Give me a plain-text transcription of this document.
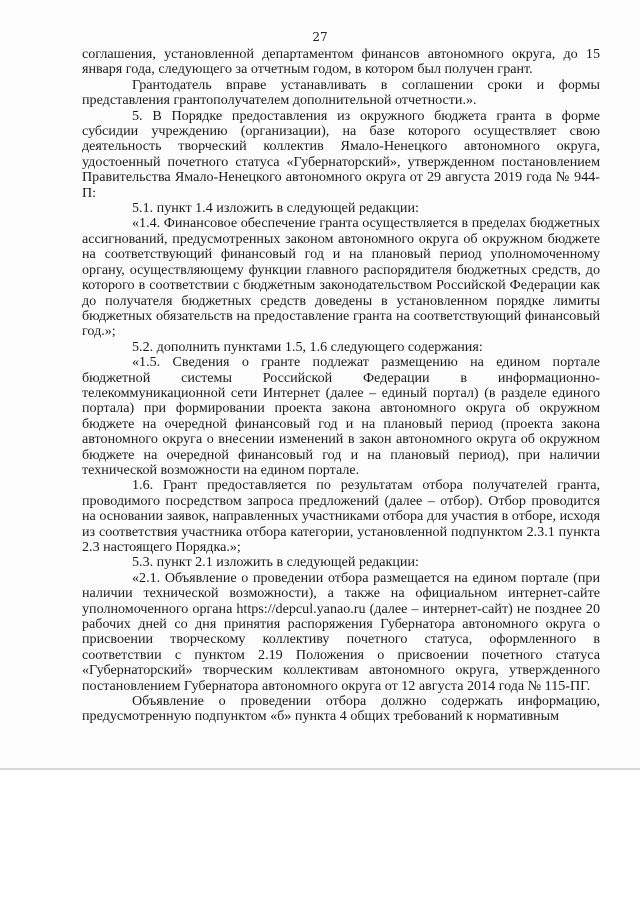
27

соглашения, установленной департаментом финансов автономного округа, до 15 января года, следующего за отчетным годом, в котором был получен грант.

Грантодатель вправе устанавливать в соглашении сроки и формы представления грантополучателем дополнительной отчетности.».

5. В Порядке предоставления из окружного бюджета гранта в форме субсидии учреждению (организации), на базе которого осуществляет свою деятельность творческий коллектив Ямало-Ненецкого автономного округа, удостоенный почетного статуса «Губернаторский», утвержденном постановлением Правительства Ямало-Ненецкого автономного округа от 29 августа 2019 года № 944-П:

5.1. пункт 1.4 изложить в следующей редакции:

«1.4. Финансовое обеспечение гранта осуществляется в пределах бюджетных ассигнований, предусмотренных законом автономного округа об окружном бюджете на соответствующий финансовый год и на плановый период уполномоченному органу, осуществляющему функции главного распорядителя бюджетных средств, до которого в соответствии с бюджетным законодательством Российской Федерации как до получателя бюджетных средств доведены в установленном порядке лимиты бюджетных обязательств на предоставление гранта на соответствующий финансовый год.»;

5.2. дополнить пунктами 1.5, 1.6 следующего содержания:

«1.5. Сведения о гранте подлежат размещению на едином портале бюджетной системы Российской Федерации в информационно-телекоммуникационной сети Интернет (далее – единый портал) (в разделе единого портала) при формировании проекта закона автономного округа об окружном бюджете на очередной финансовый год и на плановый период (проекта закона автономного округа о внесении изменений в закон автономного округа об окружном бюджете на очередной финансовый год и на плановый период), при наличии технической возможности на едином портале.

1.6. Грант предоставляется по результатам отбора получателей гранта, проводимого посредством запроса предложений (далее – отбор). Отбор проводится на основании заявок, направленных участниками отбора для участия в отборе, исходя из соответствия участника отбора категории, установленной подпунктом 2.3.1 пункта 2.3 настоящего Порядка.»;

5.3. пункт 2.1 изложить в следующей редакции:

«2.1. Объявление о проведении отбора размещается на едином портале (при наличии технической возможности), а также на официальном интернет-сайте уполномоченного органа https://depcul.yanao.ru (далее – интернет-сайт) не позднее 20 рабочих дней со дня принятия распоряжения Губернатора автономного округа о присвоении творческому коллективу почетного статуса, оформленного в соответствии с пунктом 2.19 Положения о присвоении почетного статуса «Губернаторский» творческим коллективам автономного округа, утвержденного постановлением Губернатора автономного округа от 12 августа 2014 года № 115-ПГ.

Объявление о проведении отбора должно содержать информацию, предусмотренную подпунктом «б» пункта 4 общих требований к нормативным
